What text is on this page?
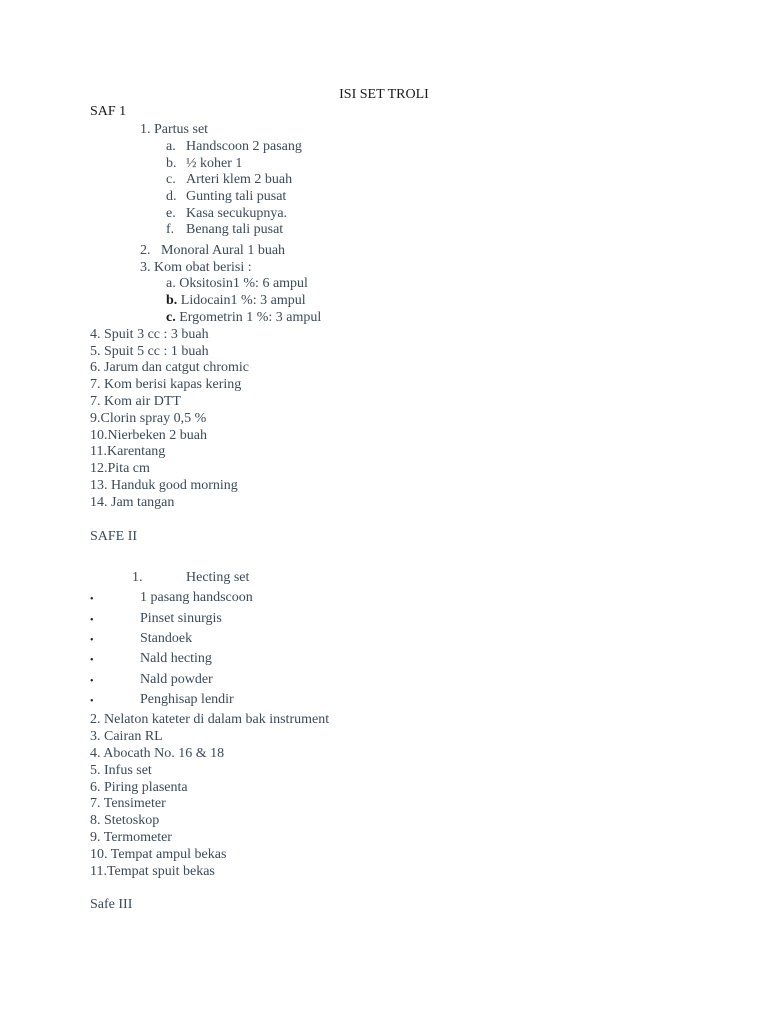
ISI SET TROLI
SAF 1
1. Partus set
a. Handscoon 2 pasang
b. ½ koher 1
c. Arteri klem 2 buah
d. Gunting tali pusat
e. Kasa secukupnya.
f. Benang tali pusat
2.   Monoral Aural 1 buah
3. Kom obat berisi :
a. Oksitosin1 %: 6 ampul
b. Lidocain1 %: 3 ampul
c. Ergometrin 1 %: 3 ampul
4. Spuit 3 cc : 3 buah
5. Spuit 5 cc : 1 buah
6. Jarum dan catgut chromic
7. Kom berisi kapas kering
7. Kom air DTT
9.Clorin spray 0,5 %
10.Nierbeken 2 buah
11.Karentang
12.Pita cm
13. Handuk good morning
14. Jam tangan
SAFE II
1.	Hecting set
•	1 pasang handscoon
•	Pinset sinurgis
•	Standoek
•	Nald hecting
•	Nald powder
•	Penghisap lendir
2. Nelaton kateter di dalam bak instrument
3. Cairan RL
4. Abocath No. 16 & 18
5. Infus set
6. Piring plasenta
7. Tensimeter
8. Stetoskop
9. Termometer
10. Tempat ampul bekas
11.Tempat spuit bekas
Safe III
